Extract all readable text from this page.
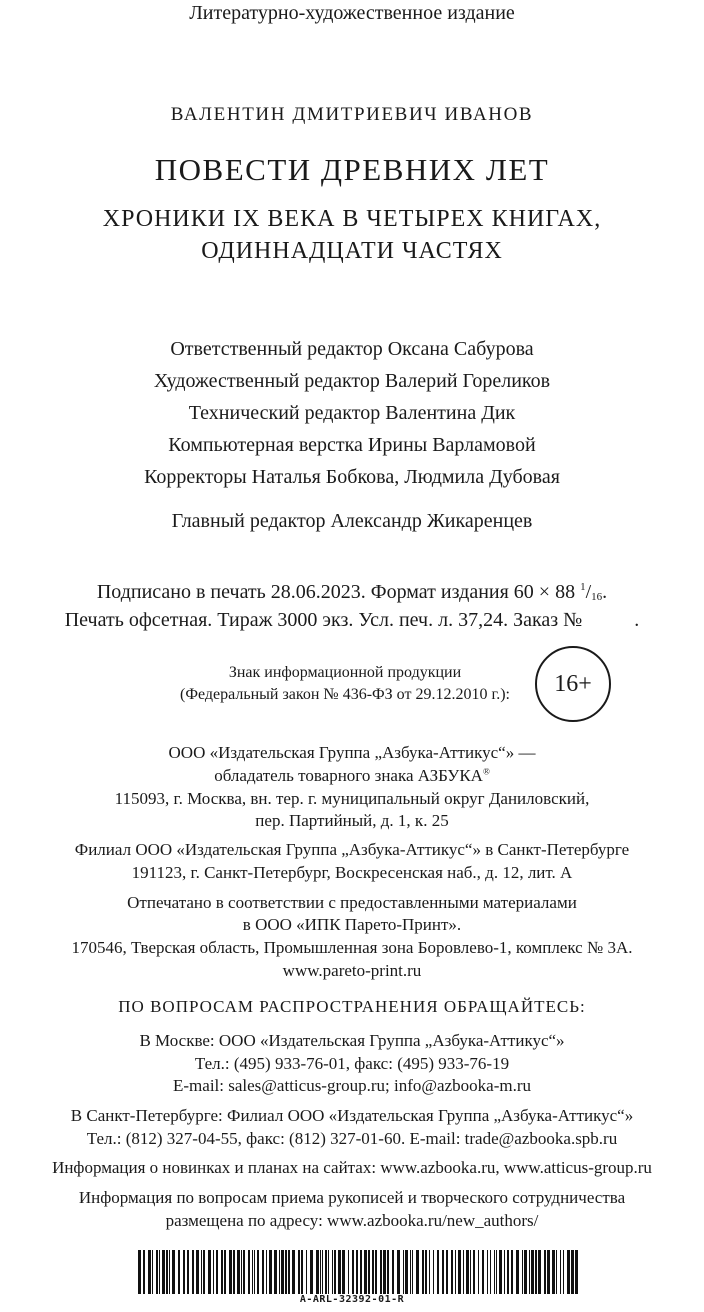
Литературно-художественное издание
ВАЛЕНТИН ДМИТРИЕВИЧ ИВАНОВ
ПОВЕСТИ ДРЕВНИХ ЛЕТ
ХРОНИКИ IX ВЕКА В ЧЕТЫРЕХ КНИГАХ,
ОДИННАДЦАТИ ЧАСТЯХ
Ответственный редактор Оксана Сабурова
Художественный редактор Валерий Гореликов
Технический редактор Валентина Дик
Компьютерная верстка Ирины Варламовой
Корректоры Наталья Бобкова, Людмила Дубовая
Главный редактор Александр Жикаренцев
Подписано в печать 28.06.2023. Формат издания 60 × 88 $^1/_{16}$.
Печать офсетная. Тираж 3000 экз. Усл. печ. л. 37,24. Заказ №	.
Знак информационной продукции
(Федеральный закон № 436-ФЗ от 29.12.2010 г.):	16+
ООО «Издательская Группа „Азбука-Аттикус“» —
обладатель товарного знака АЗБУКА®
115093, г. Москва, вн. тер. г. муниципальный округ Даниловский,
пер. Партийный, д. 1, к. 25
Филиал ООО «Издательская Группа „Азбука-Аттикус“» в Санкт-Петербурге
191123, г. Санкт-Петербург, Воскресенская наб., д. 12, лит. А
Отпечатано в соответствии с предоставленными материалами
в ООО «ИПК Парето-Принт».
170546, Тверская область, Промышленная зона Боровлево-1, комплекс № 3А.
www.pareto-print.ru
ПО ВОПРОСАМ РАСПРОСТРАНЕНИЯ ОБРАЩАЙТЕСЬ:
В Москве: ООО «Издательская Группа „Азбука-Аттикус“»
Тел.: (495) 933-76-01, факс: (495) 933-76-19
E-mail: sales@atticus-group.ru; info@azbooka-m.ru
В Санкт-Петербурге: Филиал ООО «Издательская Группа „Азбука-Аттикус“»
Тел.: (812) 327-04-55, факс: (812) 327-01-60. E-mail: trade@azbooka.spb.ru
Информация о новинках и планах на сайтах: www.azbooka.ru, www.atticus-group.ru
Информация по вопросам приема рукописей и творческого сотрудничества
размещена по адресу: www.azbooka.ru/new_authors/
A-ARL-32392-01-R
